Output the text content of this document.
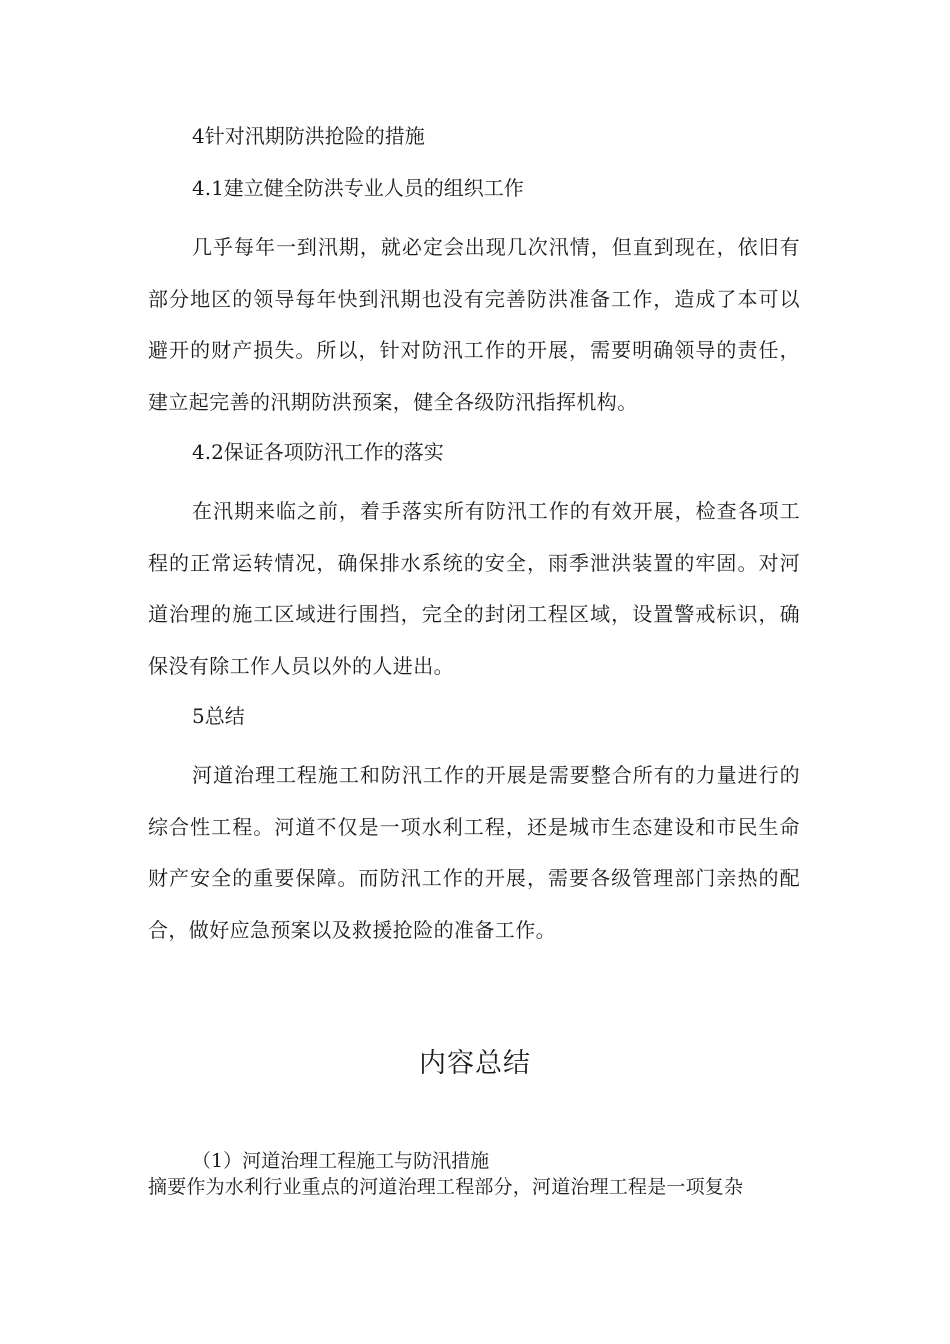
4针对汛期防洪抢险的措施
4.1建立健全防洪专业人员的组织工作

几乎每年一到汛期，就必定会出现几次汛情，但直到现在，依旧有部分地区的领导每年快到汛期也没有完善防洪准备工作，造成了本可以避开的财产损失。所以，针对防汛工作的开展，需要明确领导的责任，建立起完善的汛期防洪预案，健全各级防汛指挥机构。

4.2保证各项防汛工作的落实

在汛期来临之前，着手落实所有防汛工作的有效开展，检查各项工程的正常运转情况，确保排水系统的安全，雨季泄洪装置的牢固。对河道治理的施工区域进行围挡，完全的封闭工程区域，设置警戒标识，确保没有除工作人员以外的人进出。

5总结

河道治理工程施工和防汛工作的开展是需要整合所有的力量进行的综合性工程。河道不仅是一项水利工程，还是城市生态建设和市民生命财产安全的重要保障。而防汛工作的开展，需要各级管理部门亲热的配合，做好应急预案以及救援抢险的准备工作。

内容总结
（1）河道治理工程施工与防汛措施
摘要作为水利行业重点的河道治理工程部分，河道治理工程是一项复杂
